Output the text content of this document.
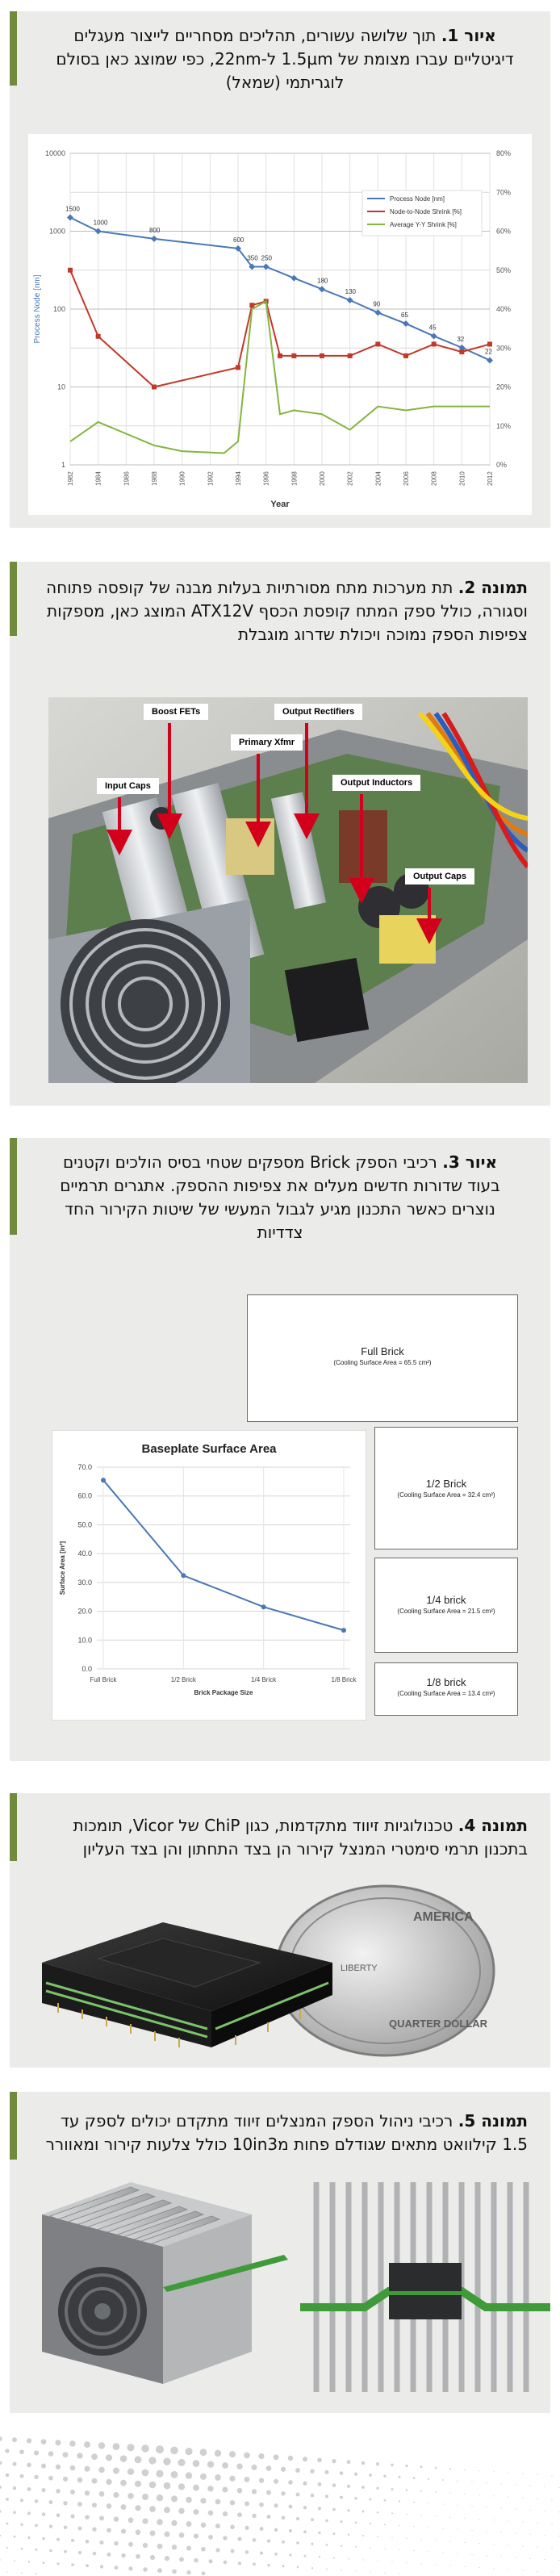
איור 1. תוך שלושה עשורים, תהליכים מסחריים לייצור מעגלים דיגיטליים עברו מצומת של 1.5µm ל-22nm, כפי שמוצג כאן בסולם לוגריתמי (שמאל)
0%
10%
20%
30%
40%
50%
60%
70%
80%
1982	1984	1986	1988	1990	1992	1994	1996	1998	2000	2002	2004	2006	2008	2010	2012
1
10
100
1000
10000
Process Node [nm]
Year
1500
1000
800
600
350 250
180
130
90
65
45
32
22
Process Node [nm]
Node-to-Node Shrink [%]
Average Y-Y Shrink [%]
תמונה 2. תת מערכות מתח מסורתיות בעלות מבנה של קופסה פתוחה וסגורה, כולל ספק המתח קופסת הכסף ATX12V המוצג כאן, מספקות צפיפות הספק נמוכה ויכולת שדרוג מוגבלת
Boost FETs	Output Rectifiers
Primary Xfmr
Input Caps	Output Inductors
Output Caps
איור 3. רכיבי הספק Brick מספקים שטחי בסיס הולכים וקטנים בעוד שדורות חדשים מעלים את צפיפות ההספק. אתגרים תרמיים נוצרים כאשר התכנון מגיע לגבול המעשי של שיטות הקירור החד צדדיות
Full Brick
(Cooling Surface Area = 65.5 cm²)
1/2 Brick
(Cooling Surface Area = 32.4 cm²)
1/4 brick
(Cooling Surface Area = 21.5 cm²)
1/8 brick
(Cooling Surface Area = 13.4 cm²)
Baseplate Surface Area
0.0
10.0
20.0
30.0
40.0
50.0
60.0
70.0
Full Brick	1/2 Brick	1/4 Brick	1/8 Brick
Brick Package Size
Surface Area [in²]
תמונה 4. טכנולוגיות זיווד מתקדמות, כגון ChiP של Vicor, תומכות בתכנון תרמי סימטרי המנצל קירור הן בצד התחתון והן בצד העליון
AMERICA
LIBERTY
QUARTER DOLLAR
תמונה 5. רכיבי ניהול הספק המנצלים זיווד מתקדם יכולים לספק עד 1.5 קילוואט מתאים שגודלם פחות מ10in3 כולל צלעות קירור ומאוורר
